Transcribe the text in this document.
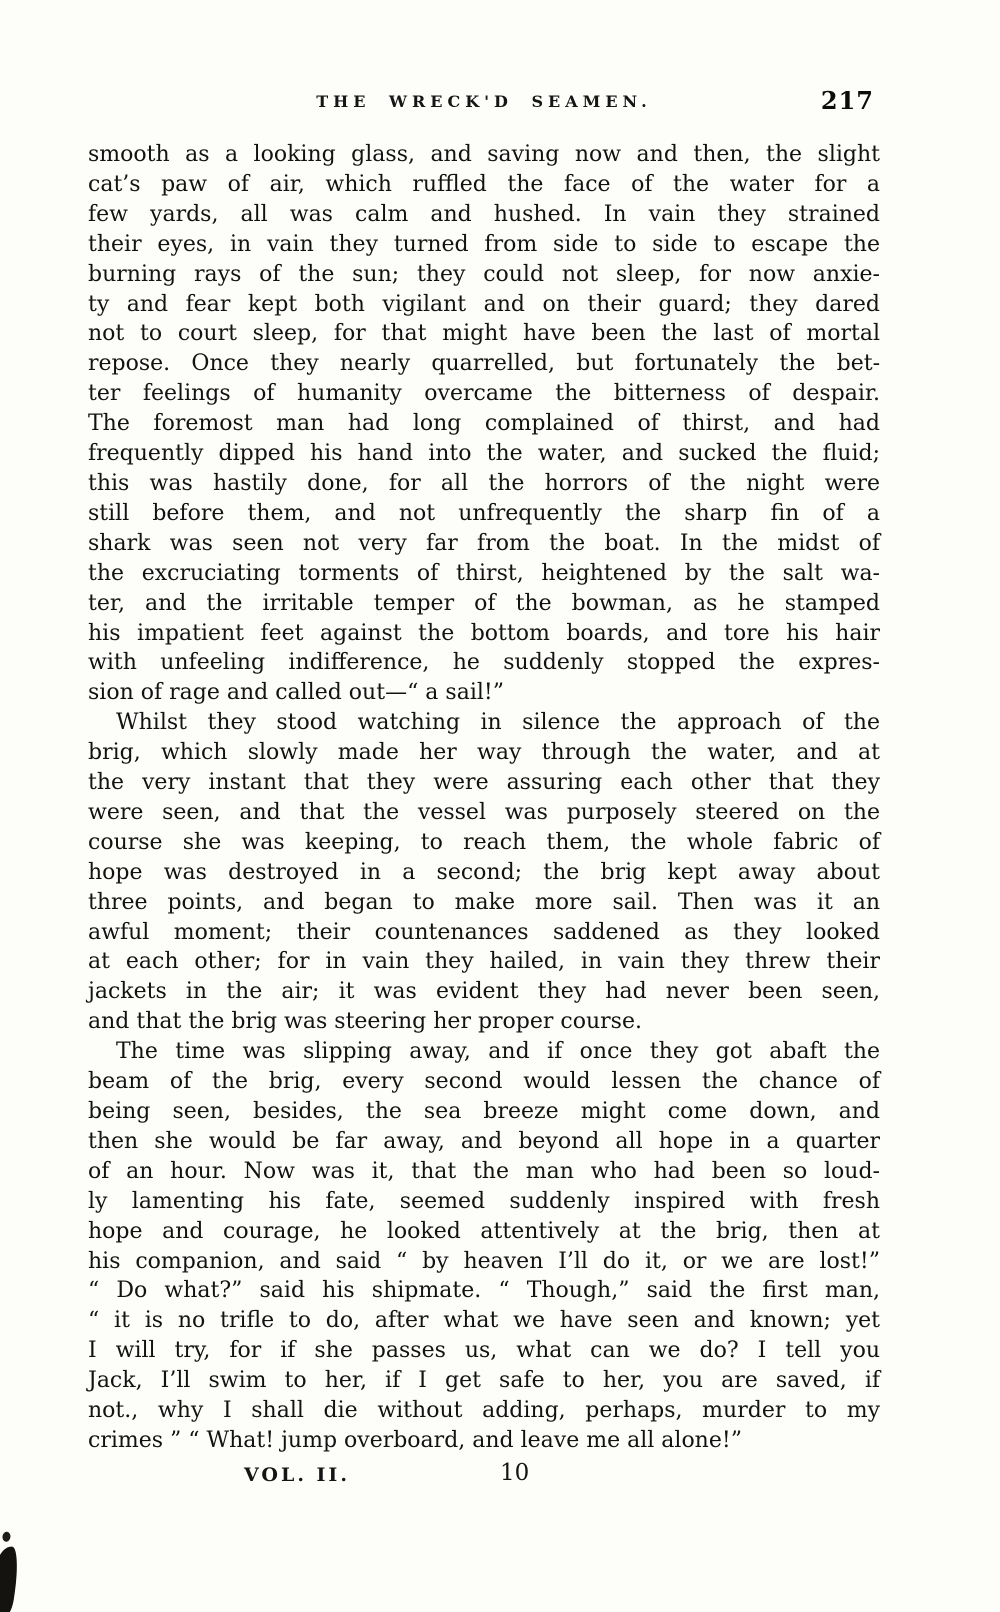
THE WRECK'D SEAMEN.	217
smooth as a looking glass, and saving now and then, the slight
cat’s paw of air, which ruffled the face of the water for a
few yards, all was calm and hushed. In vain they strained
their eyes, in vain they turned from side to side to escape the
burning rays of the sun; they could not sleep, for now anxie-
ty and fear kept both vigilant and on their guard; they dared
not to court sleep, for that might have been the last of mortal
repose. Once they nearly quarrelled, but fortunately the bet-
ter feelings of humanity overcame the bitterness of despair.
The foremost man had long complained of thirst, and had
frequently dipped his hand into the water, and sucked the fluid;
this was hastily done, for all the horrors of the night were
still before them, and not unfrequently the sharp fin of a
shark was seen not very far from the boat. In the midst of
the excruciating torments of thirst, heightened by the salt wa-
ter, and the irritable temper of the bowman, as he stamped
his impatient feet against the bottom boards, and tore his hair
with unfeeling indifference, he suddenly stopped the expres-
sion of rage and called out—“ a sail!”
Whilst they stood watching in silence the approach of the
brig, which slowly made her way through the water, and at
the very instant that they were assuring each other that they
were seen, and that the vessel was purposely steered on the
course she was keeping, to reach them, the whole fabric of
hope was destroyed in a second; the brig kept away about
three points, and began to make more sail. Then was it an
awful moment; their countenances saddened as they looked
at each other; for in vain they hailed, in vain they threw their
jackets in the air; it was evident they had never been seen,
and that the brig was steering her proper course.
The time was slipping away, and if once they got abaft the
beam of the brig, every second would lessen the chance of
being seen, besides, the sea breeze might come down, and
then she would be far away, and beyond all hope in a quarter
of an hour. Now was it, that the man who had been so loud-
ly lamenting his fate, seemed suddenly inspired with fresh
hope and courage, he looked attentively at the brig, then at
his companion, and said “ by heaven I’ll do it, or we are lost!”
“ Do what?” said his shipmate. “ Though,” said the first man,
“ it is no trifle to do, after what we have seen and known; yet
I will try, for if she passes us, what can we do? I tell you
Jack, I’ll swim to her, if I get safe to her, you are saved, if
not., why I shall die without adding, perhaps, murder to my
crimes ” “ What! jump overboard, and leave me all alone!”
VOL. II.	10
